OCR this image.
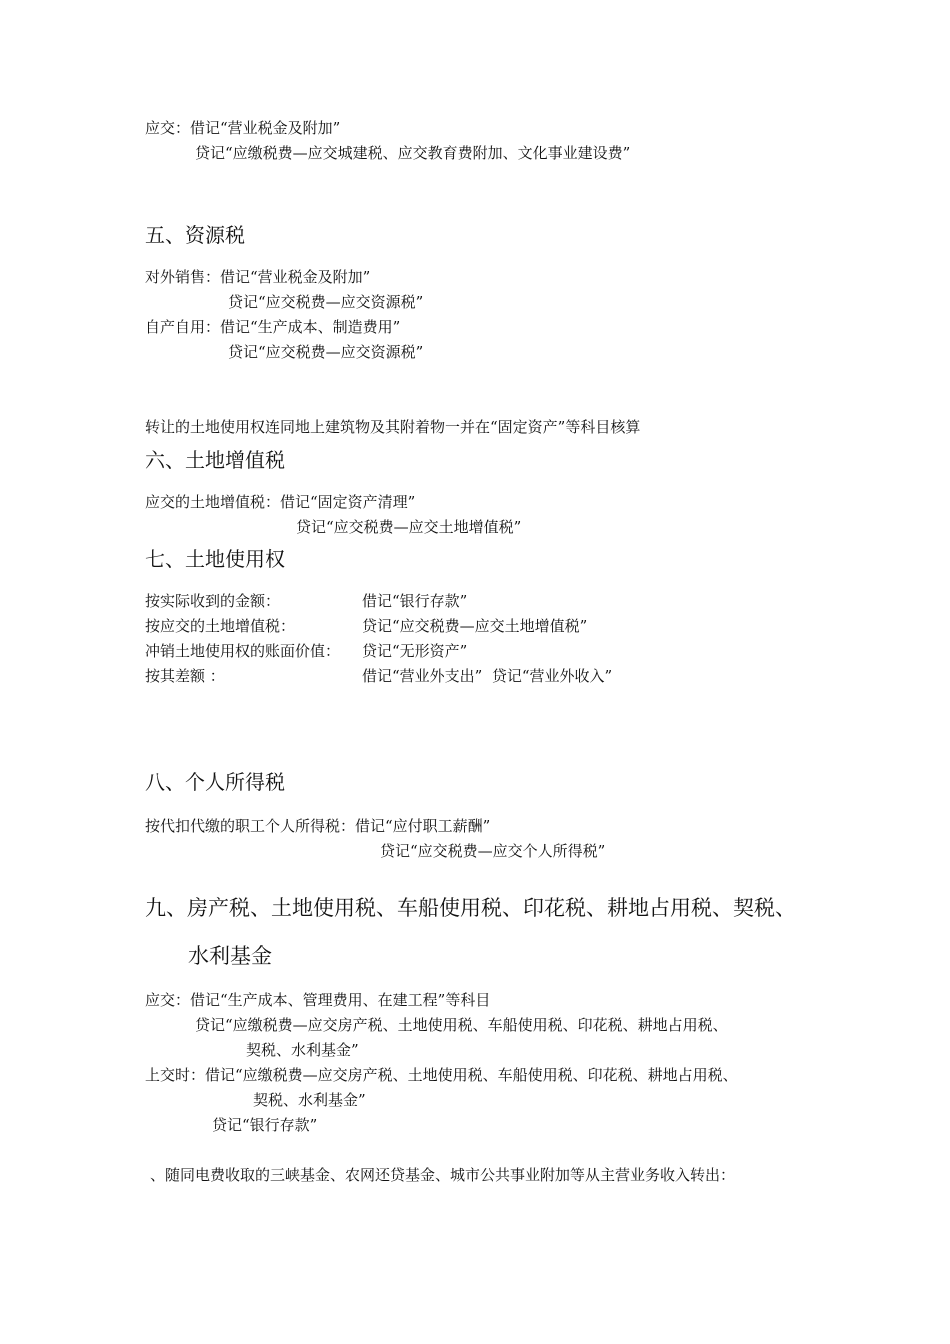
应交：借记“营业税金及附加”
贷记“应缴税费—应交城建税、应交教育费附加、文化事业建设费”
五、资源税
对外销售：借记“营业税金及附加”
贷记“应交税费—应交资源税”
自产自用：借记“生产成本、制造费用”
贷记“应交税费—应交资源税”
转让的土地使用权连同地上建筑物及其附着物一并在“固定资产”等科目核算
六、土地增值税
应交的土地增值税：借记“固定资产清理”
贷记“应交税费—应交土地增值税”
七、土地使用权
按实际收到的金额：	借记“银行存款”
按应交的土地增值税：	贷记“应交税费—应交土地增值税”
冲销土地使用权的账面价值： 贷记“无形资产”
按其差额 ：	借记“营业外支出”  贷记“营业外收入”
八、个人所得税
按代扣代缴的职工个人所得税：借记“应付职工薪酬”
贷记“应交税费—应交个人所得税”
九、房产税、土地使用税、车船使用税、印花税、耕地占用税、契税、
水利基金
应交：借记“生产成本、管理费用、在建工程”等科目
贷记“应缴税费—应交房产税、土地使用税、车船使用税、印花税、耕地占用税、
契税、水利基金”
上交时：借记“应缴税费—应交房产税、土地使用税、车船使用税、印花税、耕地占用税、
契税、水利基金”
贷记“银行存款”
、随同电费收取的三峡基金、农网还贷基金、城市公共事业附加等从主营业务收入转出：
